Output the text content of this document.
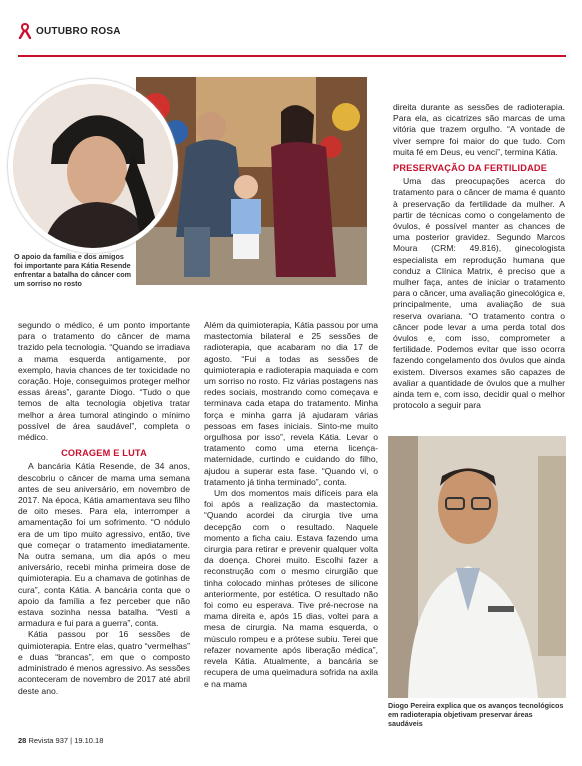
OUTUBRO ROSA
O apoio da família e dos amigos foi importante para Kátia Resende enfrentar a batalha do câncer com um sorriso no rosto

segundo o médico, é um ponto importante para o tratamento do câncer de mama trazido pela tecnologia. “Quando se irradiava a mama esquerda antigamente, por exemplo, havia chances de ter toxicidade no coração. Hoje, conseguimos proteger melhor essas áreas”, garante Diogo. “Tudo o que temos de alta tecnologia objetiva tratar melhor a área tumoral atingindo o mínimo possível de área saudável”, completa o médico.

CORAGEM E LUTA

A bancária Kátia Resende, de 34 anos, descobriu o câncer de mama uma semana antes de seu aniversário, em novembro de 2017. Na época, Kátia amamentava seu filho de oito meses. Para ela, interromper a amamentação foi um sofrimento. “O nódulo era de um tipo muito agressivo, então, tive que começar o tratamento imediatamente. Na outra semana, um dia após o meu aniversário, recebi minha primeira dose de quimioterapia. Eu a chamava de gotinhas de cura”, conta Kátia. A bancária conta que o apoio da família a fez perceber que não estava sozinha nessa batalha. “Vesti a armadura e fui para a guerra”, conta.

Kátia passou por 16 sessões de quimioterapia. Entre elas, quatro “vermelhas” e duas “brancas”, em que o composto administrado é menos agressivo. As sessões aconteceram de novembro de 2017 até abril deste ano.

Além da quimioterapia, Kátia passou por uma mastectomia bilateral e 25 sessões de radioterapia, que acabaram no dia 17 de agosto. “Fui a todas as sessões de quimioterapia e radioterapia maquiada e com um sorriso no rosto. Fiz várias postagens nas redes sociais, mostrando como começava e terminava cada etapa do tratamento. Minha força e minha garra já ajudaram várias pessoas em fases iniciais. Sinto-me muito orgulhosa por isso”, revela Kátia. Levar o tratamento como uma eterna licença-maternidade, curtindo e cuidando do filho, ajudou a superar esta fase. “Quando vi, o tratamento já tinha terminado”, conta.

Um dos momentos mais difíceis para ela foi após a realização da mastectomia. “Quando acordei da cirurgia tive uma decepção com o resultado. Naquele momento a ficha caiu. Estava fazendo uma cirurgia para retirar e prevenir qualquer volta da doença. Chorei muito. Escolhi fazer a reconstrução com o mesmo cirurgião que tinha colocado minhas próteses de silicone anteriormente, por estética. O resultado não foi como eu esperava. Tive pré-necrose na mama direita e, após 15 dias, voltei para a mesa de cirurgia. Na mama esquerda, o músculo rompeu e a prótese subiu. Terei que refazer novamente após liberação médica”, revela Kátia. Atualmente, a bancária se recupera de uma queimadura sofrida na axila e na mama

direita durante as sessões de radioterapia. Para ela, as cicatrizes são marcas de uma vitória que trazem orgulho. “A vontade de viver sempre foi maior do que tudo. Com muita fé em Deus, eu venci”, termina Kátia.

PRESERVAÇÃO DA FERTILIDADE

Uma das preocupações acerca do tratamento para o câncer de mama é quanto à preservação da fertilidade da mulher. A partir de técnicas como o congelamento de óvulos, é possível manter as chances de uma posterior gravidez. Segundo Marcos Moura (CRM: 49.816), ginecologista especialista em reprodução humana que conduz a Clínica Matrix, é preciso que a mulher faça, antes de iniciar o tratamento para o câncer, uma avaliação ginecológica e, principalmente, uma avaliação de sua reserva ovariana. “O tratamento contra o câncer pode levar a uma perda total dos óvulos e, com isso, comprometer a fertilidade. Podemos evitar que isso ocorra fazendo congelamento dos óvulos que ainda existem. Diversos exames são capazes de avaliar a quantidade de óvulos que a mulher ainda tem e, com isso, decidir qual o melhor protocolo a seguir para

Diogo Pereira explica que os avanços tecnológicos em radioterapia objetivam preservar áreas saudáveis
28 Revista 937 | 19.10.18
